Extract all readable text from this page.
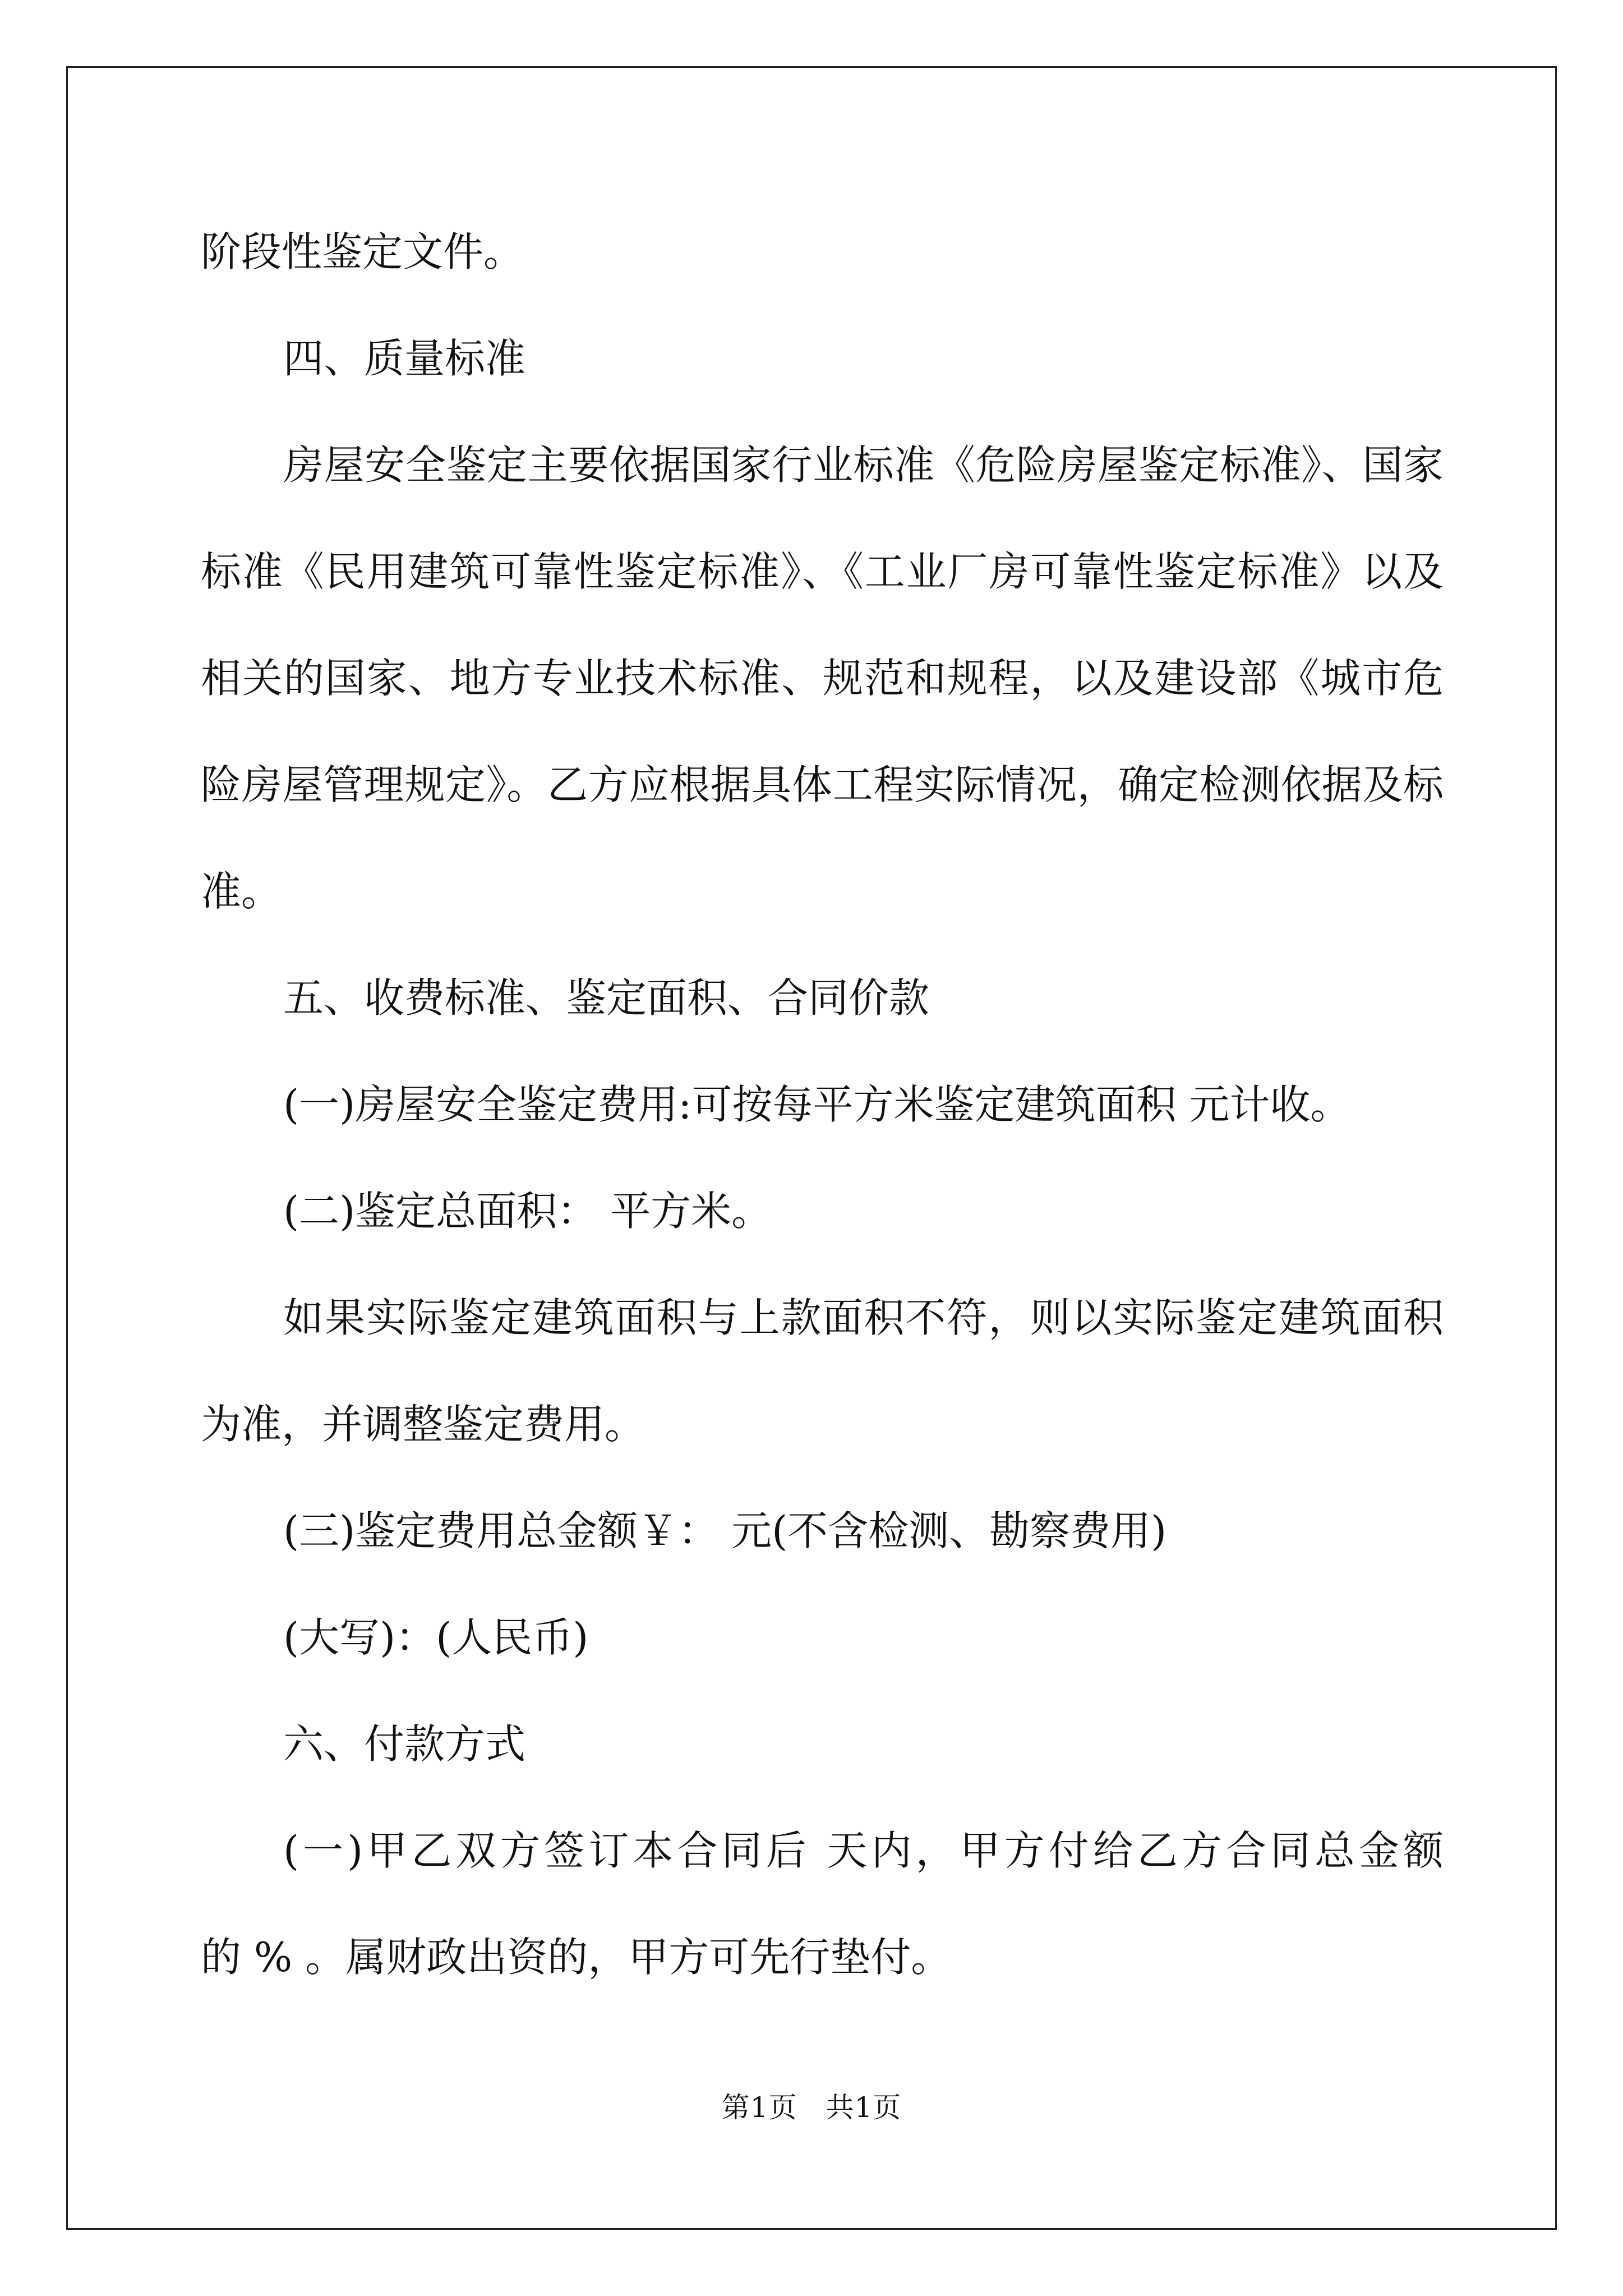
阶段性鉴定文件。

四、质量标准

房屋安全鉴定主要依据国家行业标准《危险房屋鉴定标准》、国家

标准《民用建筑可靠性鉴定标准》、《工业厂房可靠性鉴定标准》以及

相关的国家、地方专业技术标准、规范和规程，以及建设部《城市危

险房屋管理规定》。乙方应根据具体工程实际情况，确定检测依据及标

准。

五、收费标准、鉴定面积、合同价款

(一)房屋安全鉴定费用:可按每平方米鉴定建筑面积 元计收。

(二)鉴定总面积： 平方米。

如果实际鉴定建筑面积与上款面积不符，则以实际鉴定建筑面积

为准，并调整鉴定费用。

(三)鉴定费用总金额￥： 元(不含检测、勘察费用)

(大写)：(人民币)

六、付款方式

(一)甲乙双方签订本合同后 天内，甲方付给乙方合同总金额

的 % 。属财政出资的，甲方可先行垫付。

第1页　共1页
